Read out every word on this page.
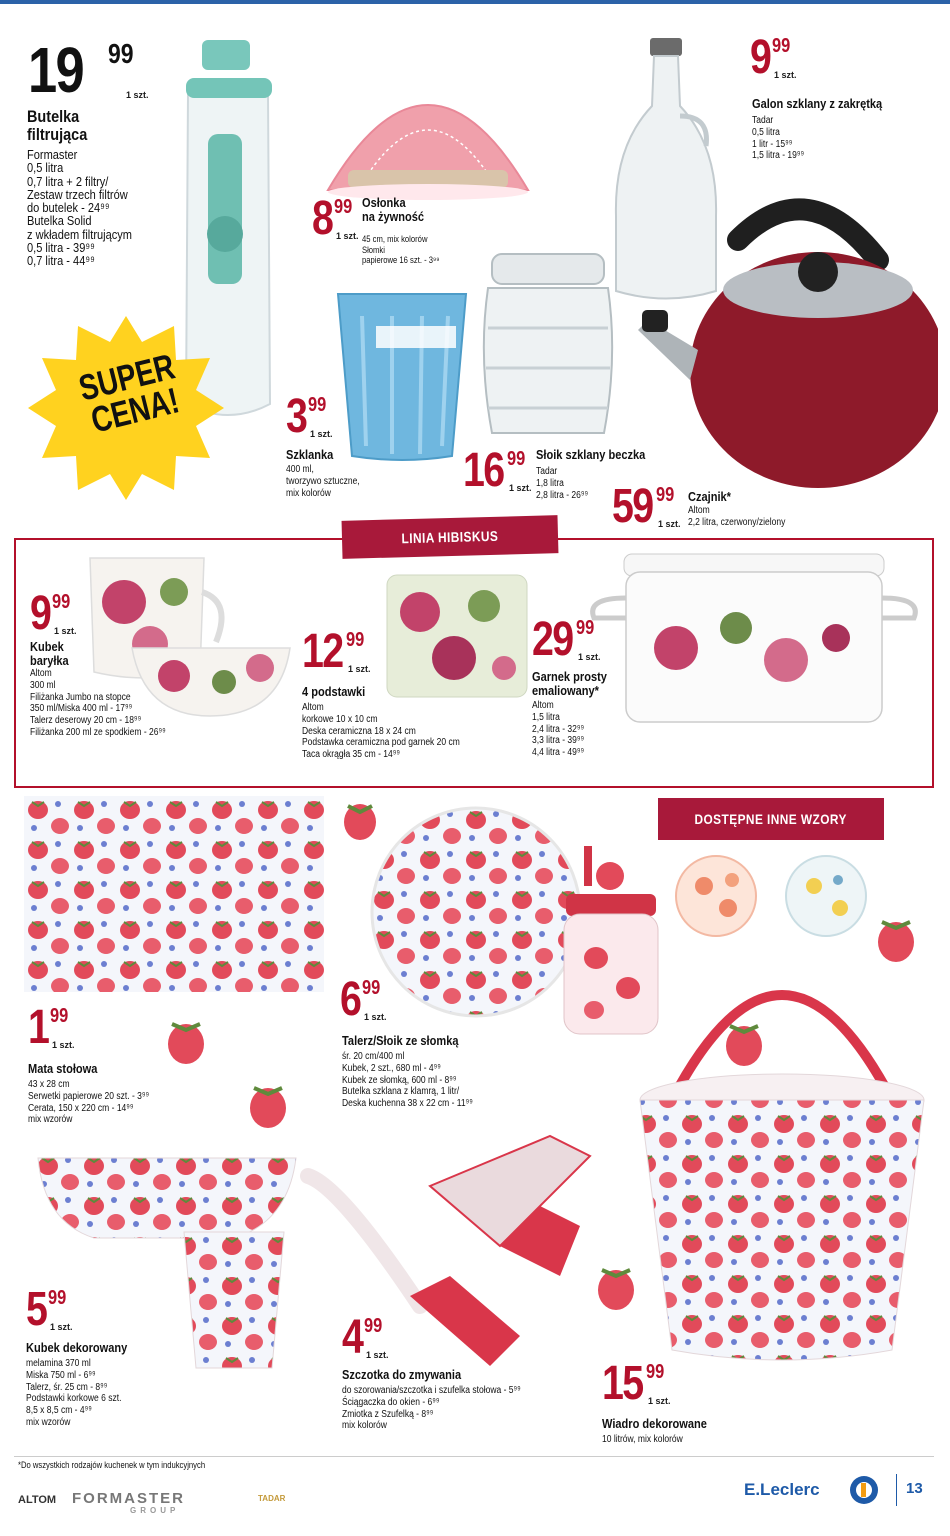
19 99
1 szt.
Butelka
filtrująca
Formaster
0,5 litra
0,7 litra + 2 filtry/
Zestaw trzech filtrów
do butelek - 24⁹⁹
Butelka Solid
z wkładem filtrującym
0,5 litra - 39⁹⁹
0,7 litra - 44⁹⁹
SUPER
CENA!
8 99
1 szt.
Osłonka
na żywność
45 cm, mix kolorów
Słomki
papierowe 16 szt. - 3⁹⁹
9 99
1 szt.
Galon szklany z zakrętką
Tadar
0,5 litra
1 litr - 15⁹⁹
1,5 litra - 19⁹⁹
3 99
1 szt.
Szklanka
400 ml,
tworzywo sztuczne,
mix kolorów	16 99
1 szt.
Słoik szklany beczka
Tadar
1,8 litra
2,8 litra - 26⁹⁹ 59 99
1 szt.
Czajnik*
Altom
2,2 litra, czerwony/zielony
LINIA HIBISKUS
9 99
1 szt.
Kubek
baryłka
Altom
300 ml
Filiżanka Jumbo na stopce
350 ml/Miska 400 ml - 17⁹⁹
Talerz deserowy 20 cm - 18⁹⁹
Filiżanka 200 ml ze spodkiem - 26⁹⁹
12 99
1 szt.
4 podstawki
Altom
korkowe 10 x 10 cm
Deska ceramiczna 18 x 24 cm
Podstawka ceramiczna pod garnek 20 cm
Taca okrągła 35 cm - 14⁹⁹
29 99
1 szt.
Garnek prosty
emaliowany*
Altom
1,5 litra
2,4 litra - 32⁹⁹
3,3 litra - 39⁹⁹
4,4 litra - 49⁹⁹
1 99
1 szt.
Mata stołowa
43 x 28 cm
Serwetki papierowe 20 szt. - 3⁹⁹
Cerata, 150 x 220 cm - 14⁹⁹
mix wzorów
6 99
1 szt.
Talerz/Słoik ze słomką
śr. 20 cm/400 ml
Kubek, 2 szt., 680 ml - 4⁹⁹
Kubek ze słomką, 600 ml - 8⁹⁹
Butelka szklana z klamrą, 1 litr/
Deska kuchenna 38 x 22 cm - 11⁹⁹
DOSTĘPNE INNE WZORY
15 99
1 szt.
Wiadro dekorowane
10 litrów, mix kolorów
5 99
1 szt.
Kubek dekorowany
melamina 370 ml
Miska 750 ml - 6⁹⁹
Talerz, śr. 25 cm - 8⁹⁹
Podstawki korkowe 6 szt.
8,5 x 8,5 cm - 4⁹⁹
mix wzorów
4 99
1 szt.
Szczotka do zmywania
do szorowania/szczotka i szufelka stołowa - 5⁹⁹
Ściągaczka do okien - 6⁹⁹
Zmiotka z Szufelką - 8⁹⁹
mix kolorów
*Do wszystkich rodzajów kuchenek w tym indukcyjnych
ALTOM FORMASTER
GROUP
TADAR	E.Leclerc	13
